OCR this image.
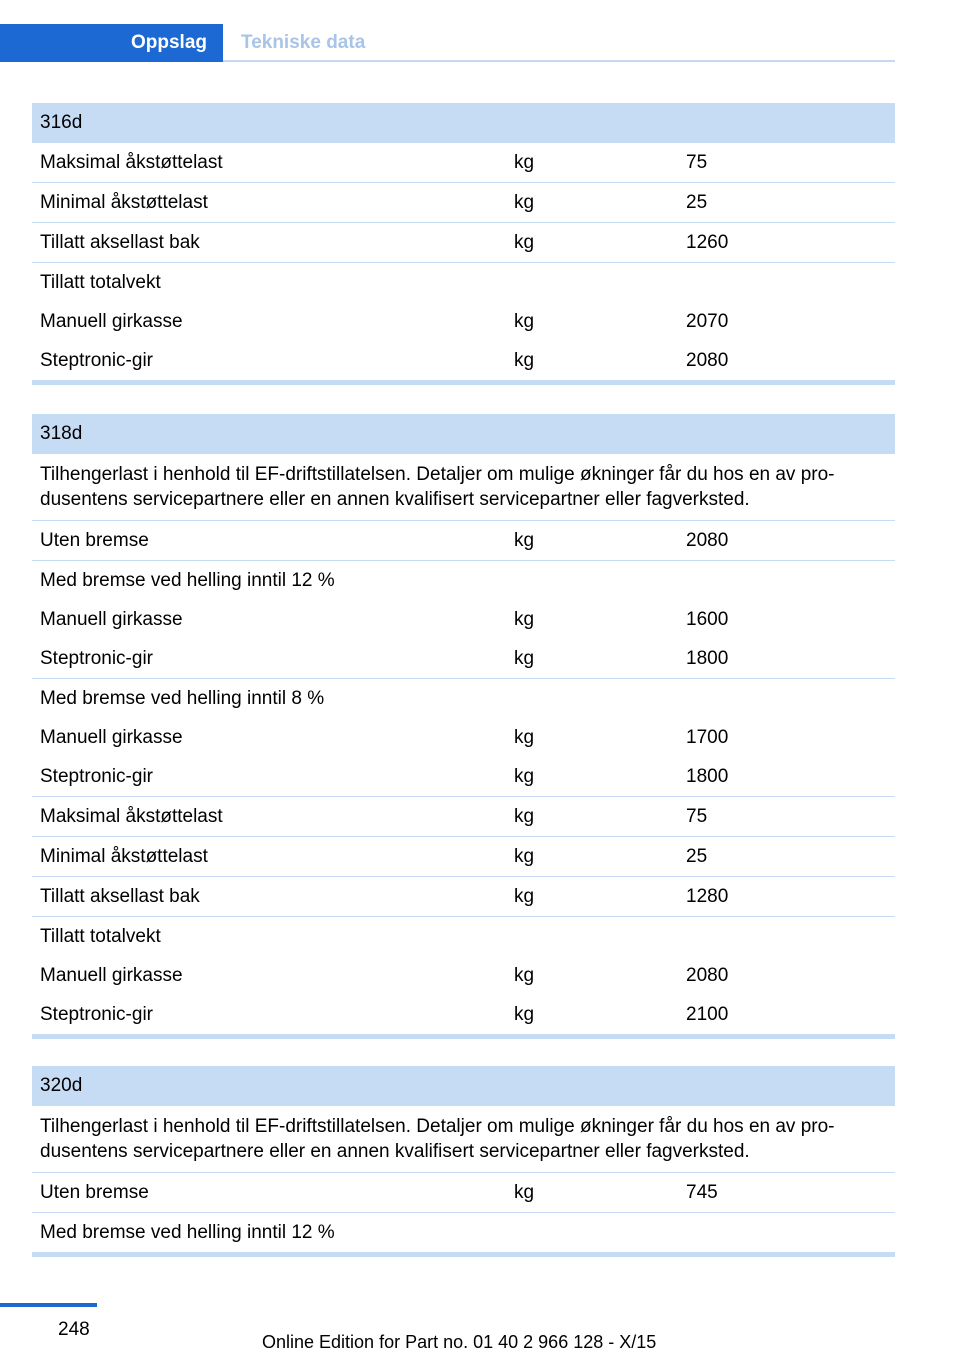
Oppslag	Tekniske data
316d
Maksimal åkstøttelast	kg	75
Minimal åkstøttelast	kg	25
Tillatt aksellast bak	kg	1260
Tillatt totalvekt
Manuell girkasse	kg	2070
Steptronic-gir	kg	2080
318d
Tilhengerlast i henhold til EF-driftstillatelsen. Detaljer om mulige økninger får du hos en av produsentens servicepartnere eller en annen kvalifisert servicepartner eller fagverksted.
Uten bremse	kg	2080
Med bremse ved helling inntil 12 %
Manuell girkasse	kg	1600
Steptronic-gir	kg	1800
Med bremse ved helling inntil 8 %
Manuell girkasse	kg	1700
Steptronic-gir	kg	1800
Maksimal åkstøttelast	kg	75
Minimal åkstøttelast	kg	25
Tillatt aksellast bak	kg	1280
Tillatt totalvekt
Manuell girkasse	kg	2080
Steptronic-gir	kg	2100
320d
Tilhengerlast i henhold til EF-driftstillatelsen. Detaljer om mulige økninger får du hos en av produsentens servicepartnere eller en annen kvalifisert servicepartner eller fagverksted.
Uten bremse	kg	745
Med bremse ved helling inntil 12 %
248
Online Edition for Part no. 01 40 2 966 128 - X/15
